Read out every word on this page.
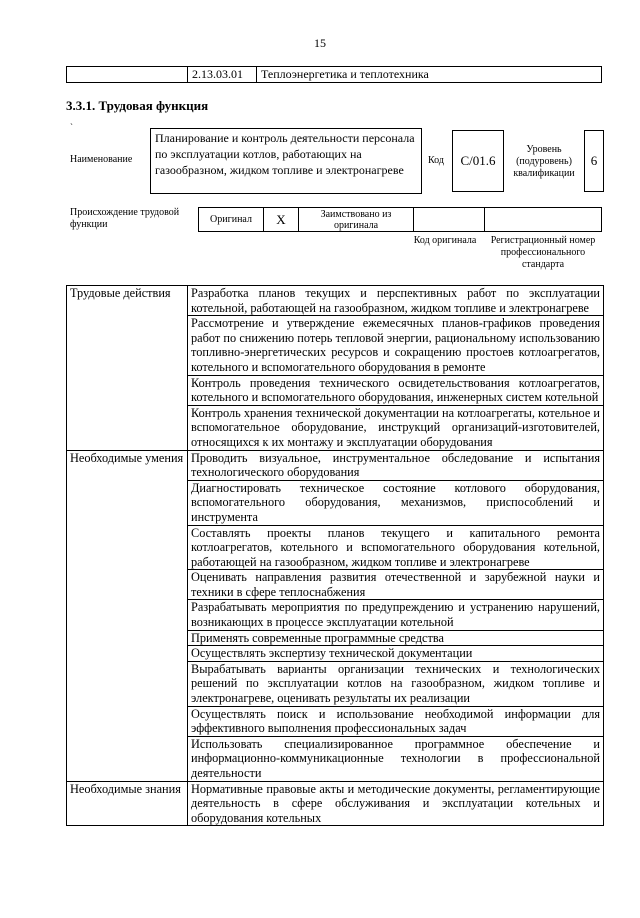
15
	2.13.03.01	Теплоэнергетика и теплотехника
3.3.1. Трудовая функция
`
Наименование
Планирование и контроль деятельности персонала по эксплуатации котлов, работающих на газообразном, жидком топливе и электронагреве
Код	C/01.6
Уровень (подуровень) квалификации
6
Происхождение трудовой функции	Оригинал	X	Заимствовано из оригинала		
Код оригинала	Регистрационный номер профессионального стандарта
Трудовые действия	Разработка планов текущих и перспективных работ по эксплуатации котельной, работающей на газообразном, жидком топливе и электронагреве
	Рассмотрение и утверждение ежемесячных планов-графиков проведения работ по снижению потерь тепловой энергии, рациональному использованию топливно-энергетических ресурсов и сокращению простоев котлоагрегатов, котельного и вспомогательного оборудования в ремонте
	Контроль проведения технического освидетельствования котлоагрегатов, котельного и вспомогательного оборудования, инженерных систем котельной
	Контроль хранения технической документации на котлоагрегаты, котельное и вспомогательное оборудование, инструкций организаций-изготовителей, относящихся к их монтажу и эксплуатации оборудования
Необходимые умения	Проводить визуальное, инструментальное обследование и испытания технологического оборудования
	Диагностировать техническое состояние котлового оборудования, вспомогательного оборудования, механизмов, приспособлений и инструмента
	Составлять проекты планов текущего и капитального ремонта котлоагрегатов, котельного и вспомогательного оборудования котельной, работающей на газообразном, жидком топливе и электронагреве
	Оценивать направления развития отечественной и зарубежной науки и техники в сфере теплоснабжения
	Разрабатывать мероприятия по предупреждению и устранению нарушений, возникающих в процессе эксплуатации котельной
	Применять современные программные средства
	Осуществлять экспертизу технической документации
	Вырабатывать варианты организации технических и технологических решений по эксплуатации котлов на газообразном, жидком топливе и электронагреве, оценивать результаты их реализации
	Осуществлять поиск и использование необходимой информации для эффективного выполнения профессиональных задач
	Использовать специализированное программное обеспечение и информационно-коммуникационные технологии в профессиональной деятельности
Необходимые знания	Нормативные правовые акты и методические документы, регламентирующие деятельность в сфере обслуживания и эксплуатации котельных и оборудования котельных
